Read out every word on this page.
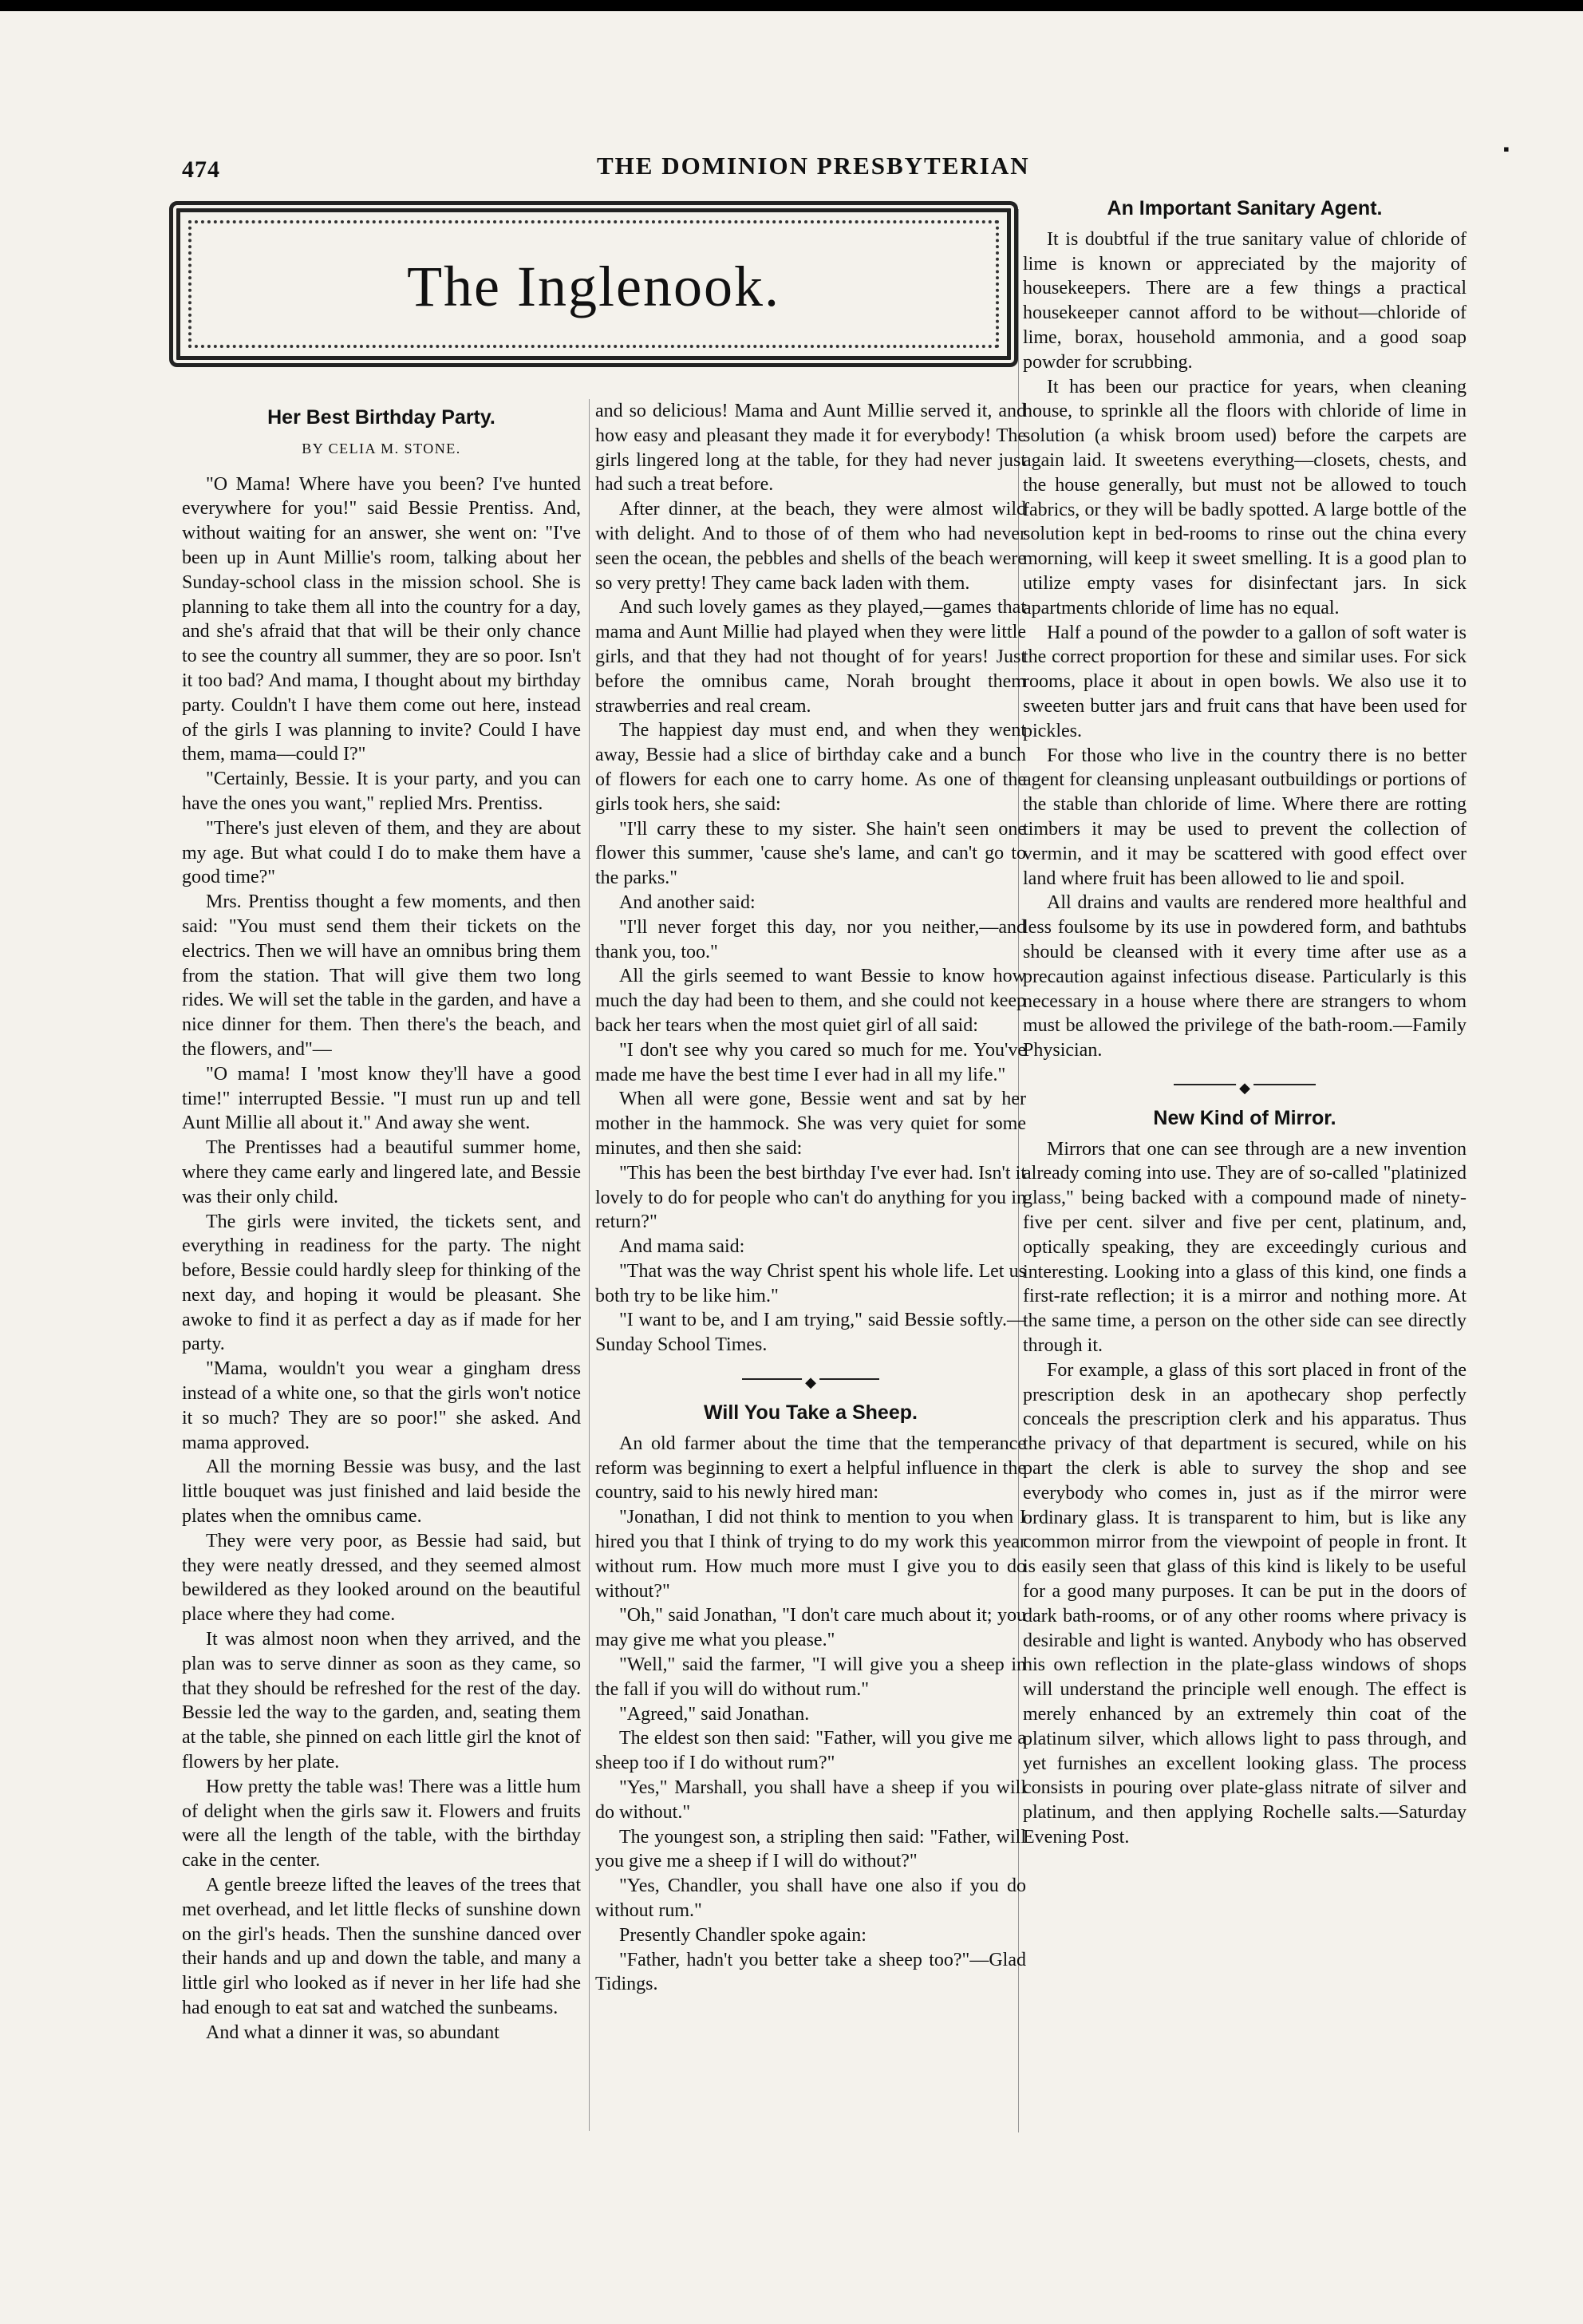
▪
474	THE DOMINION PRESBYTERIAN
The Inglenook.
Her Best Birthday Party.
BY CELIA M. STONE.

"O Mama! Where have you been? I've hunted everywhere for you!" said Bessie Prentiss. And, without waiting for an answer, she went on: "I've been up in Aunt Millie's room, talking about her Sunday-school class in the mission school. She is planning to take them all into the country for a day, and she's afraid that that will be their only chance to see the country all summer, they are so poor. Isn't it too bad? And mama, I thought about my birthday party. Couldn't I have them come out here, instead of the girls I was planning to invite? Could I have them, mama—could I?"

"Certainly, Bessie. It is your party, and you can have the ones you want," replied Mrs. Prentiss.

"There's just eleven of them, and they are about my age. But what could I do to make them have a good time?"

Mrs. Prentiss thought a few moments, and then said: "You must send them their tickets on the electrics. Then we will have an omnibus bring them from the station. That will give them two long rides. We will set the table in the garden, and have a nice dinner for them. Then there's the beach, and the flowers, and"—

"O mama! I 'most know they'll have a good time!" interrupted Bessie. "I must run up and tell Aunt Millie all about it." And away she went.

The Prentisses had a beautiful summer home, where they came early and lingered late, and Bessie was their only child.

The girls were invited, the tickets sent, and everything in readiness for the party. The night before, Bessie could hardly sleep for thinking of the next day, and hoping it would be pleasant. She awoke to find it as perfect a day as if made for her party.

"Mama, wouldn't you wear a gingham dress instead of a white one, so that the girls won't notice it so much? They are so poor!" she asked. And mama approved.

All the morning Bessie was busy, and the last little bouquet was just finished and laid beside the plates when the omnibus came.

They were very poor, as Bessie had said, but they were neatly dressed, and they seemed almost bewildered as they looked around on the beautiful place where they had come.

It was almost noon when they arrived, and the plan was to serve dinner as soon as they came, so that they should be refreshed for the rest of the day. Bessie led the way to the garden, and, seating them at the table, she pinned on each little girl the knot of flowers by her plate.

How pretty the table was! There was a little hum of delight when the girls saw it. Flowers and fruits were all the length of the table, with the birthday cake in the center.

A gentle breeze lifted the leaves of the trees that met overhead, and let little flecks of sunshine down on the girl's heads. Then the sunshine danced over their hands and up and down the table, and many a little girl who looked as if never in her life had she had enough to eat sat and watched the sunbeams.

And what a dinner it was, so abundant

and so delicious! Mama and Aunt Millie served it, and how easy and pleasant they made it for everybody! The girls lingered long at the table, for they had never just had such a treat before.

After dinner, at the beach, they were almost wild with delight. And to those of of them who had never seen the ocean, the pebbles and shells of the beach were so very pretty! They came back laden with them.

And such lovely games as they played,—games that mama and Aunt Millie had played when they were little girls, and that they had not thought of for years! Just before the omnibus came, Norah brought them strawberries and real cream.

The happiest day must end, and when they went away, Bessie had a slice of birthday cake and a bunch of flowers for each one to carry home. As one of the girls took hers, she said:

"I'll carry these to my sister. She hain't seen one flower this summer, 'cause she's lame, and can't go to the parks."

And another said:

"I'll never forget this day, nor you neither,—and thank you, too."

All the girls seemed to want Bessie to know how much the day had been to them, and she could not keep back her tears when the most quiet girl of all said:

"I don't see why you cared so much for me. You've made me have the best time I ever had in all my life."

When all were gone, Bessie went and sat by her mother in the hammock. She was very quiet for some minutes, and then she said:

"This has been the best birthday I've ever had. Isn't it lovely to do for people who can't do anything for you in return?"

And mama said:

"That was the way Christ spent his whole life. Let us both try to be like him."

"I want to be, and I am trying," said Bessie softly.—Sunday School Times.

◆
Will You Take a Sheep.

An old farmer about the time that the temperance reform was beginning to exert a helpful influence in the country, said to his newly hired man:

"Jonathan, I did not think to mention to you when I hired you that I think of trying to do my work this year without rum. How much more must I give you to do without?"

"Oh," said Jonathan, "I don't care much about it; you may give me what you please."

"Well," said the farmer, "I will give you a sheep in the fall if you will do without rum."

"Agreed," said Jonathan.

The eldest son then said: "Father, will you give me a sheep too if I do without rum?"

"Yes," Marshall, you shall have a sheep if you will do without."

The youngest son, a stripling then said: "Father, will you give me a sheep if I will do without?"

"Yes, Chandler, you shall have one also if you do without rum."

Presently Chandler spoke again:

"Father, hadn't you better take a sheep too?"—Glad Tidings.

An Important Sanitary Agent.

It is doubtful if the true sanitary value of chloride of lime is known or appreciated by the majority of housekeepers. There are a few things a practical housekeeper cannot afford to be without—chloride of lime, borax, household ammonia, and a good soap powder for scrubbing.

It has been our practice for years, when cleaning house, to sprinkle all the floors with chloride of lime in solution (a whisk broom used) before the carpets are again laid. It sweetens everything—closets, chests, and the house generally, but must not be allowed to touch fabrics, or they will be badly spotted. A large bottle of the solution kept in bed-rooms to rinse out the china every morning, will keep it sweet smelling. It is a good plan to utilize empty vases for disinfectant jars. In sick apartments chloride of lime has no equal.

Half a pound of the powder to a gallon of soft water is the correct proportion for these and similar uses. For sick rooms, place it about in open bowls. We also use it to sweeten butter jars and fruit cans that have been used for pickles.

For those who live in the country there is no better agent for cleansing unpleasant outbuildings or portions of the stable than chloride of lime. Where there are rotting timbers it may be used to prevent the collection of vermin, and it may be scattered with good effect over land where fruit has been allowed to lie and spoil.

All drains and vaults are rendered more healthful and less foulsome by its use in powdered form, and bathtubs should be cleansed with it every time after use as a precaution against infectious disease. Particularly is this necessary in a house where there are strangers to whom must be allowed the privilege of the bath-room.—Family Physician.

◆
New Kind of Mirror.

Mirrors that one can see through are a new invention already coming into use. They are of so-called "platinized glass," being backed with a compound made of ninety-five per cent. silver and five per cent, platinum, and, optically speaking, they are exceedingly curious and interesting. Looking into a glass of this kind, one finds a first-rate reflection; it is a mirror and nothing more. At the same time, a person on the other side can see directly through it.

For example, a glass of this sort placed in front of the prescription desk in an apothecary shop perfectly conceals the prescription clerk and his apparatus. Thus the privacy of that department is secured, while on his part the clerk is able to survey the shop and see everybody who comes in, just as if the mirror were ordinary glass. It is transparent to him, but is like any common mirror from the viewpoint of people in front. It is easily seen that glass of this kind is likely to be useful for a good many purposes. It can be put in the doors of dark bath-rooms, or of any other rooms where privacy is desirable and light is wanted. Anybody who has observed his own reflection in the plate-glass windows of shops will understand the principle well enough. The effect is merely enhanced by an extremely thin coat of the platinum silver, which allows light to pass through, and yet furnishes an excellent looking glass. The process consists in pouring over plate-glass nitrate of silver and platinum, and then applying Rochelle salts.—Saturday Evening Post.
